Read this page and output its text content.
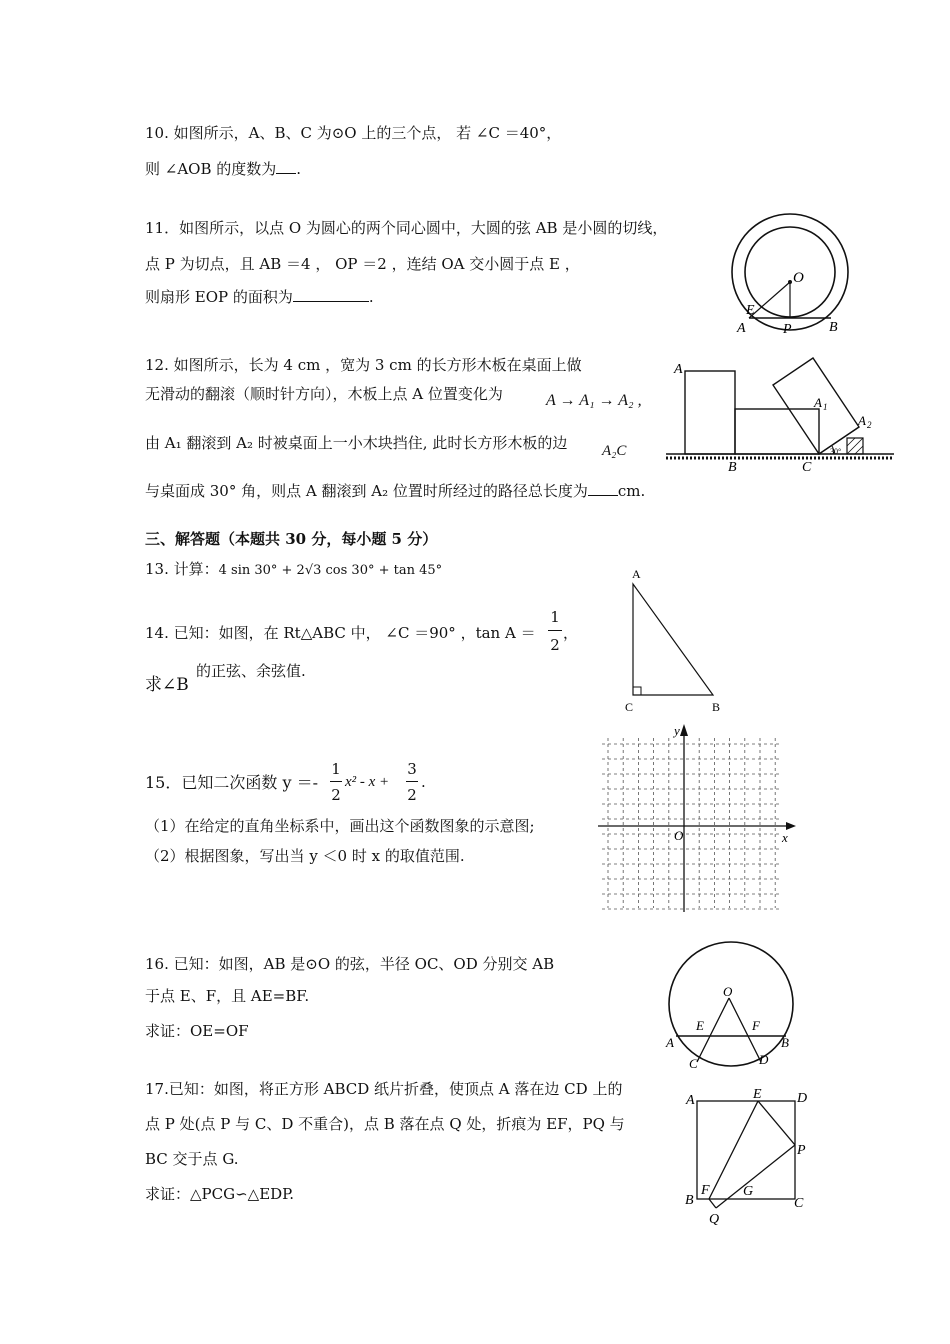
10. 如图所示，A、B、C 为⊙O 上的三个点， 若 ∠C ＝40°，
则 ∠AOB 的度数为 .
11．如图所示，以点 O 为圆心的两个同心圆中，大圆的弦 AB 是小圆的切线，
点 P 为切点，且 AB ＝4 ， OP ＝2 ，连结 OA 交小圆于点 E ，
则扇形 EOP 的面积为	.
O
E
A	P	B
12. 如图所示，长为 4 cm ，宽为 3 cm 的长方形木板在桌面上做
无滑动的翻滚（顺时针方向），木板上点 A 位置变化为	A → A₁ → A₂ ,
由 A₁ 翻滚到 A₂ 时被桌面上一小木块挡住, 此时长方形木板的边 A₂C
与桌面成 30° 角，则点 A 翻滚到 A₂ 位置时所经过的路径总长度为 cm.
A
A 1
A 2
B	C
30°
三、解答题（本题共 30 分，每小题 5 分）
13. 计算：4 sin 30° + 2√3 cos 30° + tan 45°
14. 已知：如图，在 Rt△ABC 中， ∠C ＝90° ，tan A ＝
1
2
，
求∠B
的正弦、余弦值.
A
C	B
15．已知二次函数 y ＝-
1
2
x² - x +
3
2
.
（1）在给定的直角坐标系中，画出这个函数图象的示意图;
（2）根据图象，写出当 y ＜0 时 x 的取值范围.
y
x
O
16. 已知：如图，AB 是⊙O 的弦，半径 OC、OD 分别交 AB
于点 E、F，且 AE=BF.
求证：OE=OF
O
E	F
A	B
C	D
17.已知：如图，将正方形 ABCD 纸片折叠，使顶点 A 落在边 CD 上的
点 P 处(点 P 与 C、D 不重合)，点 B 落在点 Q 处，折痕为 EF，PQ 与
BC 交于点 G.
求证：△PCG∽△EDP.
A	E	D
P
B
F G
C
Q
